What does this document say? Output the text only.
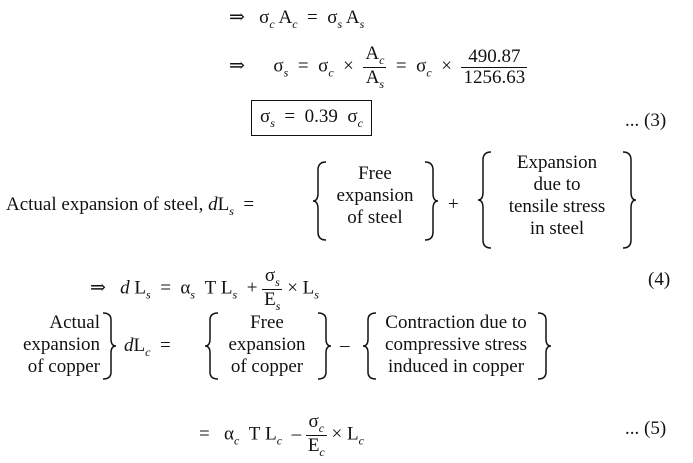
⇒ $\sigma_c$ $A_c = \sigma_s$ $A_s$
⇒ $\sigma_s = \sigma_c \times \frac{A_c}{A_s} = \sigma_c \times \frac{490.87}{1256.63}$
$\sigma_s = 0.39$ $\sigma_c$	... (3)
Actual expansion of steel, $dL_s$ =
Free
expansion
of steel
+
Expansion
due to
tensile stress
in steel
⇒ d $L_s = \alpha_s$ T $L_s + \frac{\sigma_s}{E_s} \times L_s$
(4)
Actual
expansion
of copper
$dL_c$ =
Free
expansion
of copper
–
Contraction due to
compressive stress
induced in copper
= $\alpha_c$ T $L_c - \frac{\sigma_c}{E_c} \times L_c$
... (5)
